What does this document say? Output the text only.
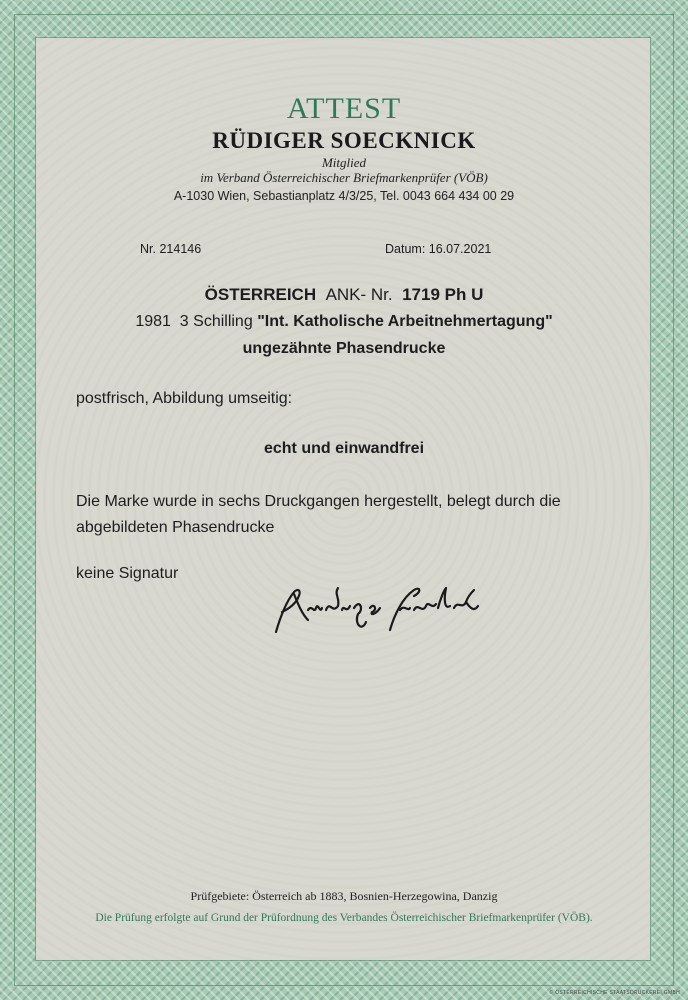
ATTEST
RÜDIGER SOECKNICK
Mitglied
im Verband Österreichischer Briefmarkenprüfer (VÖB)
A-1030 Wien, Sebastianplatz 4/3/25, Tel. 0043 664 434 00 29
Nr. 214146	Datum: 16.07.2021
ÖSTERREICH ANK- Nr. 1719 Ph U
1981 3 Schilling "Int. Katholische Arbeitnehmertagung"
ungezähnte Phasendrucke
postfrisch, Abbildung umseitig:
echt und einwandfrei
Die Marke wurde in sechs Druckgangen hergestellt, belegt durch die abgebildeten Phasendrucke
keine Signatur
Prüfgebiete: Österreich ab 1883, Bosnien-Herzegowina, Danzig
Die Prüfung erfolgte auf Grund der Prüfordnung des Verbandes Österreichischer Briefmarkenprüfer (VÖB).
© ÖSTERREICHISCHE STAATSDRUCKEREI GMBH
